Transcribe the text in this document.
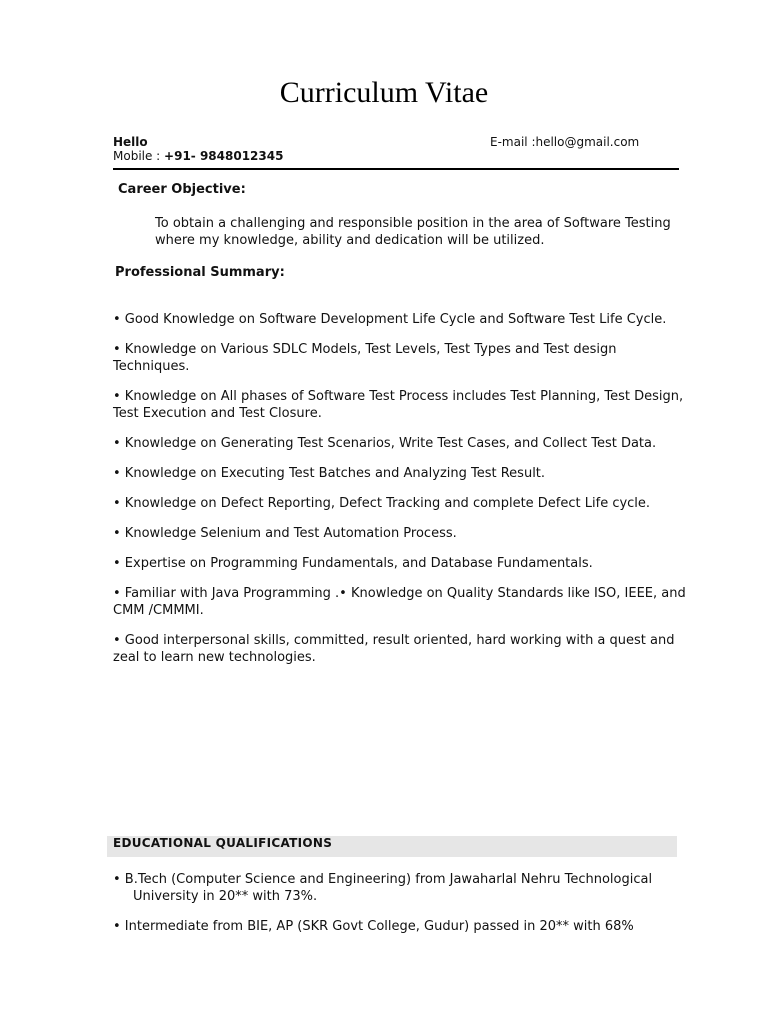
Curriculum Vitae
Hello
Mobile : +91- 9848012345
E-mail :hello@gmail.com
Career Objective:
To obtain a challenging and responsible position in the area of Software Testing where my knowledge, ability and dedication will be utilized.
Professional Summary:
• Good Knowledge on Software Development Life Cycle and Software Test Life Cycle.
• Knowledge on Various SDLC Models, Test Levels, Test Types and Test design Techniques.
• Knowledge on All phases of Software Test Process includes Test Planning, Test Design, Test Execution and Test Closure.
• Knowledge on Generating Test Scenarios, Write Test Cases, and Collect Test Data.
• Knowledge on Executing Test Batches and Analyzing Test Result.
• Knowledge on Defect Reporting, Defect Tracking and complete Defect Life cycle.
• Knowledge Selenium and Test Automation Process.
• Expertise on Programming Fundamentals, and Database Fundamentals.
• Familiar with Java Programming .• Knowledge on Quality Standards like ISO, IEEE, and CMM /CMMMI.
• Good interpersonal skills, committed, result oriented, hard working with a quest and zeal to learn new technologies.
EDUCATIONAL QUALIFICATIONS
• B.Tech (Computer Science and Engineering) from Jawaharlal Nehru Technological University in 20** with 73%.
• Intermediate from BIE, AP (SKR Govt College, Gudur) passed in 20** with 68%
